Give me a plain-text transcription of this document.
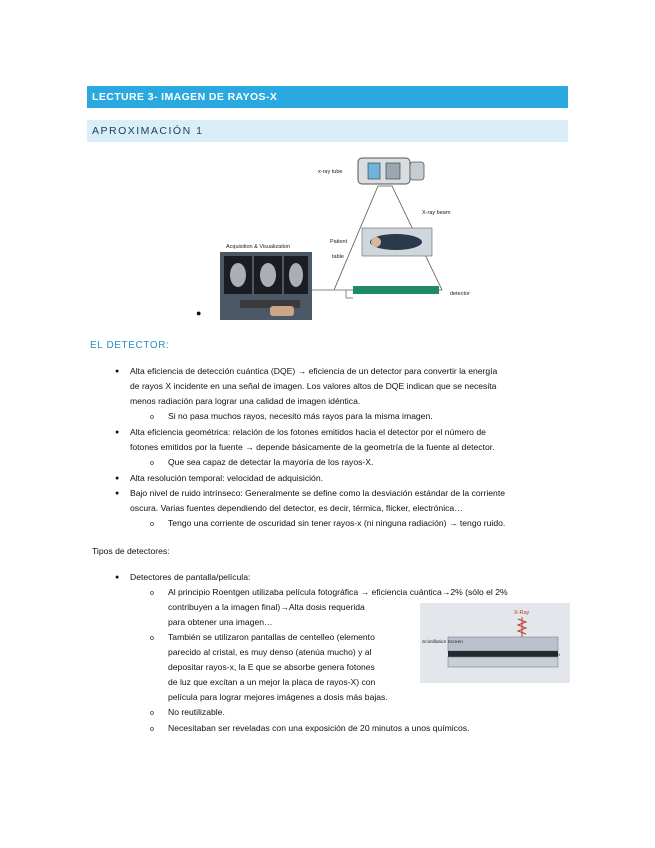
LECTURE 3- IMAGEN DE RAYOS-X
APROXIMACIÓN 1
x-ray tube
X-ray beam
Patient
table
detector
Acquisition & Visualization
●
EL DETECTOR:
● Alta eficiencia de detección cuántica (DQE) → eficiencia de un detector para convertir la energía
de rayos X incidente en una señal de imagen. Los valores altos de DQE indican que se necesita
menos radiación para lograr una calidad de imagen idéntica.
o Si no pasa muchos rayos, necesito más rayos para la misma imagen.
● Alta eficiencia geométrica: relación de los fotones emitidos hacia el detector por el número de
fotones emitidos por la fuente → depende básicamente de la geometría de la fuente al detector.
o Que sea capaz de detectar la mayoría de los rayos-X.
● Alta resolución temporal: velocidad de adquisición.
● Bajo nivel de ruido intrínseco: Generalmente se define como la desviación estándar de la corriente
oscura. Varias fuentes dependiendo del detector, es decir, térmica, flicker, electrónica…
o Tengo una corriente de oscuridad sin tener rayos-x (ni ninguna radiación) → tengo ruido.
Tipos de detectores:
● Detectores de pantalla/película:
o Al principio Roentgen utilizaba película fotográfica → eficiencia cuántica→2% (sólo el 2%
contribuyen a la imagen final)→Alta dosis requerida
para obtener una imagen…
o También se utilizaron pantallas de centelleo (elemento
parecido al cristal, es muy denso (atenúa mucho) y al
depositar rayos-x, la E que se absorbe genera fotones
de luz que excitan a un mejor la placa de rayos-X) con
película para lograr mejores imágenes a dosis más bajas.
o No reutilizable.
o Necesitaban ser reveladas con una exposición de 20 minutos a unos químicos.
X-Ray
Scintillation Screen
Film
